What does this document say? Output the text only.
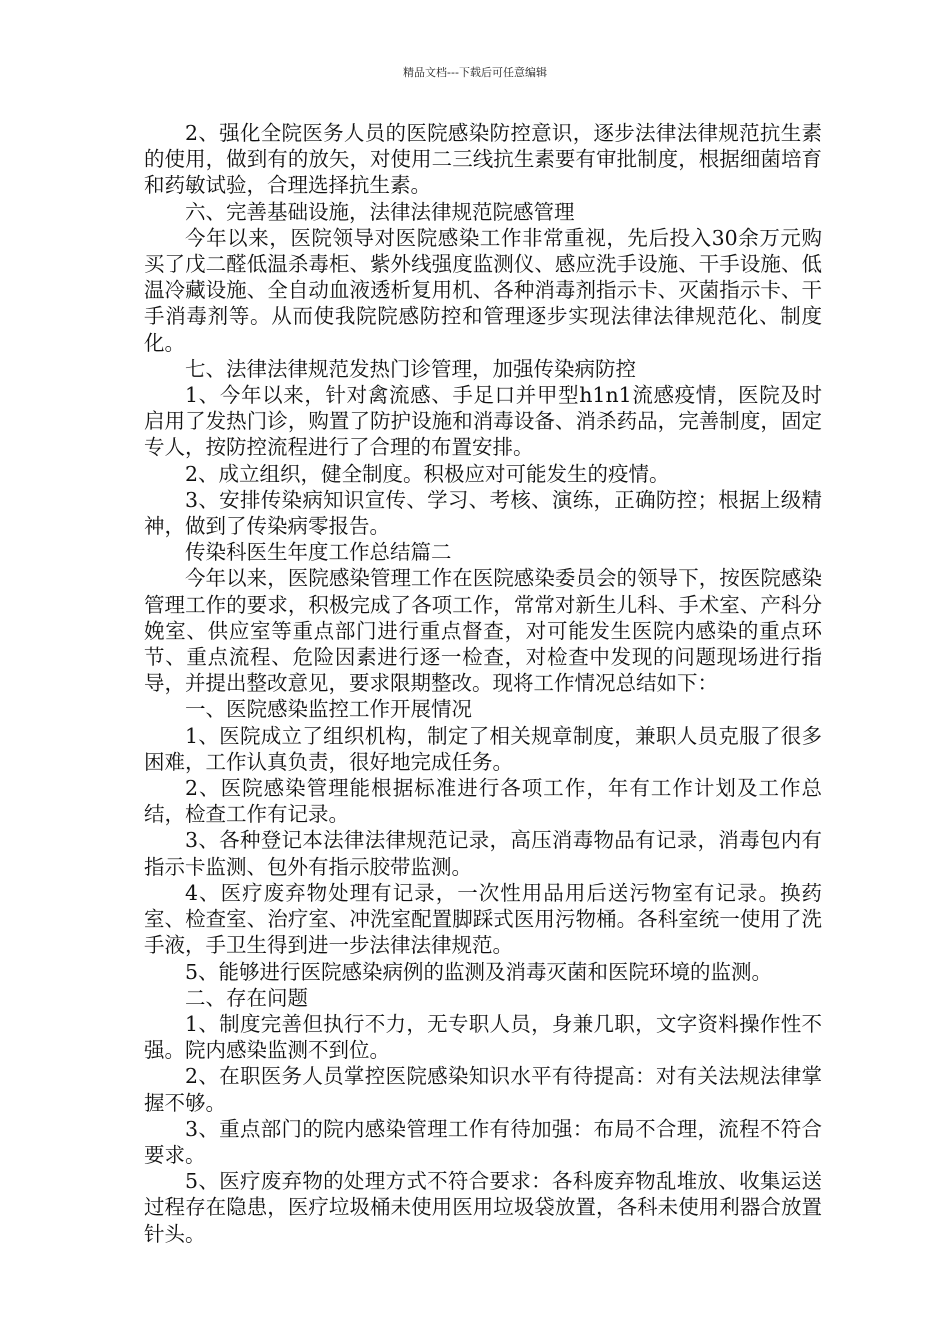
精品文档---下载后可任意编辑

2、强化全院医务人员的医院感染防控意识，逐步法律法律规范抗生素的使用，做到有的放矢，对使用二三线抗生素要有审批制度，根据细菌培育和药敏试验，合理选择抗生素。

六、完善基础设施，法律法律规范院感管理

今年以来，医院领导对医院感染工作非常重视，先后投入30余万元购买了戊二醛低温杀毒柜、紫外线强度监测仪、感应洗手设施、干手设施、低温冷藏设施、全自动血液透析复用机、各种消毒剂指示卡、灭菌指示卡、干手消毒剂等。从而使我院院感防控和管理逐步实现法律法律规范化、制度化。

七、法律法律规范发热门诊管理，加强传染病防控

1、今年以来，针对禽流感、手足口并甲型h1n1流感疫情，医院及时启用了发热门诊，购置了防护设施和消毒设备、消杀药品，完善制度，固定专人，按防控流程进行了合理的布置安排。

2、成立组织，健全制度。积极应对可能发生的疫情。

3、安排传染病知识宣传、学习、考核、演练，正确防控；根据上级精神，做到了传染病零报告。

传染科医生年度工作总结篇二

今年以来，医院感染管理工作在医院感染委员会的领导下，按医院感染管理工作的要求，积极完成了各项工作，常常对新生儿科、手术室、产科分娩室、供应室等重点部门进行重点督查，对可能发生医院内感染的重点环节、重点流程、危险因素进行逐一检查，对检查中发现的问题现场进行指导，并提出整改意见，要求限期整改。现将工作情况总结如下：

一、医院感染监控工作开展情况

1、医院成立了组织机构，制定了相关规章制度，兼职人员克服了很多困难，工作认真负责，很好地完成任务。

2、医院感染管理能根据标准进行各项工作，年有工作计划及工作总结，检查工作有记录。

3、各种登记本法律法律规范记录，高压消毒物品有记录，消毒包内有指示卡监测、包外有指示胶带监测。

4、医疗废弃物处理有记录，一次性用品用后送污物室有记录。换药室、检查室、治疗室、冲洗室配置脚踩式医用污物桶。各科室统一使用了洗手液，手卫生得到进一步法律法律规范。

5、能够进行医院感染病例的监测及消毒灭菌和医院环境的监测。

二、存在问题

1、制度完善但执行不力，无专职人员，身兼几职，文字资料操作性不强。院内感染监测不到位。

2、在职医务人员掌控医院感染知识水平有待提高：对有关法规法律掌握不够。

3、重点部门的院内感染管理工作有待加强：布局不合理，流程不符合要求。

5、医疗废弃物的处理方式不符合要求：各科废弃物乱堆放、收集运送过程存在隐患，医疗垃圾桶未使用医用垃圾袋放置，各科未使用利器合放置针头。
